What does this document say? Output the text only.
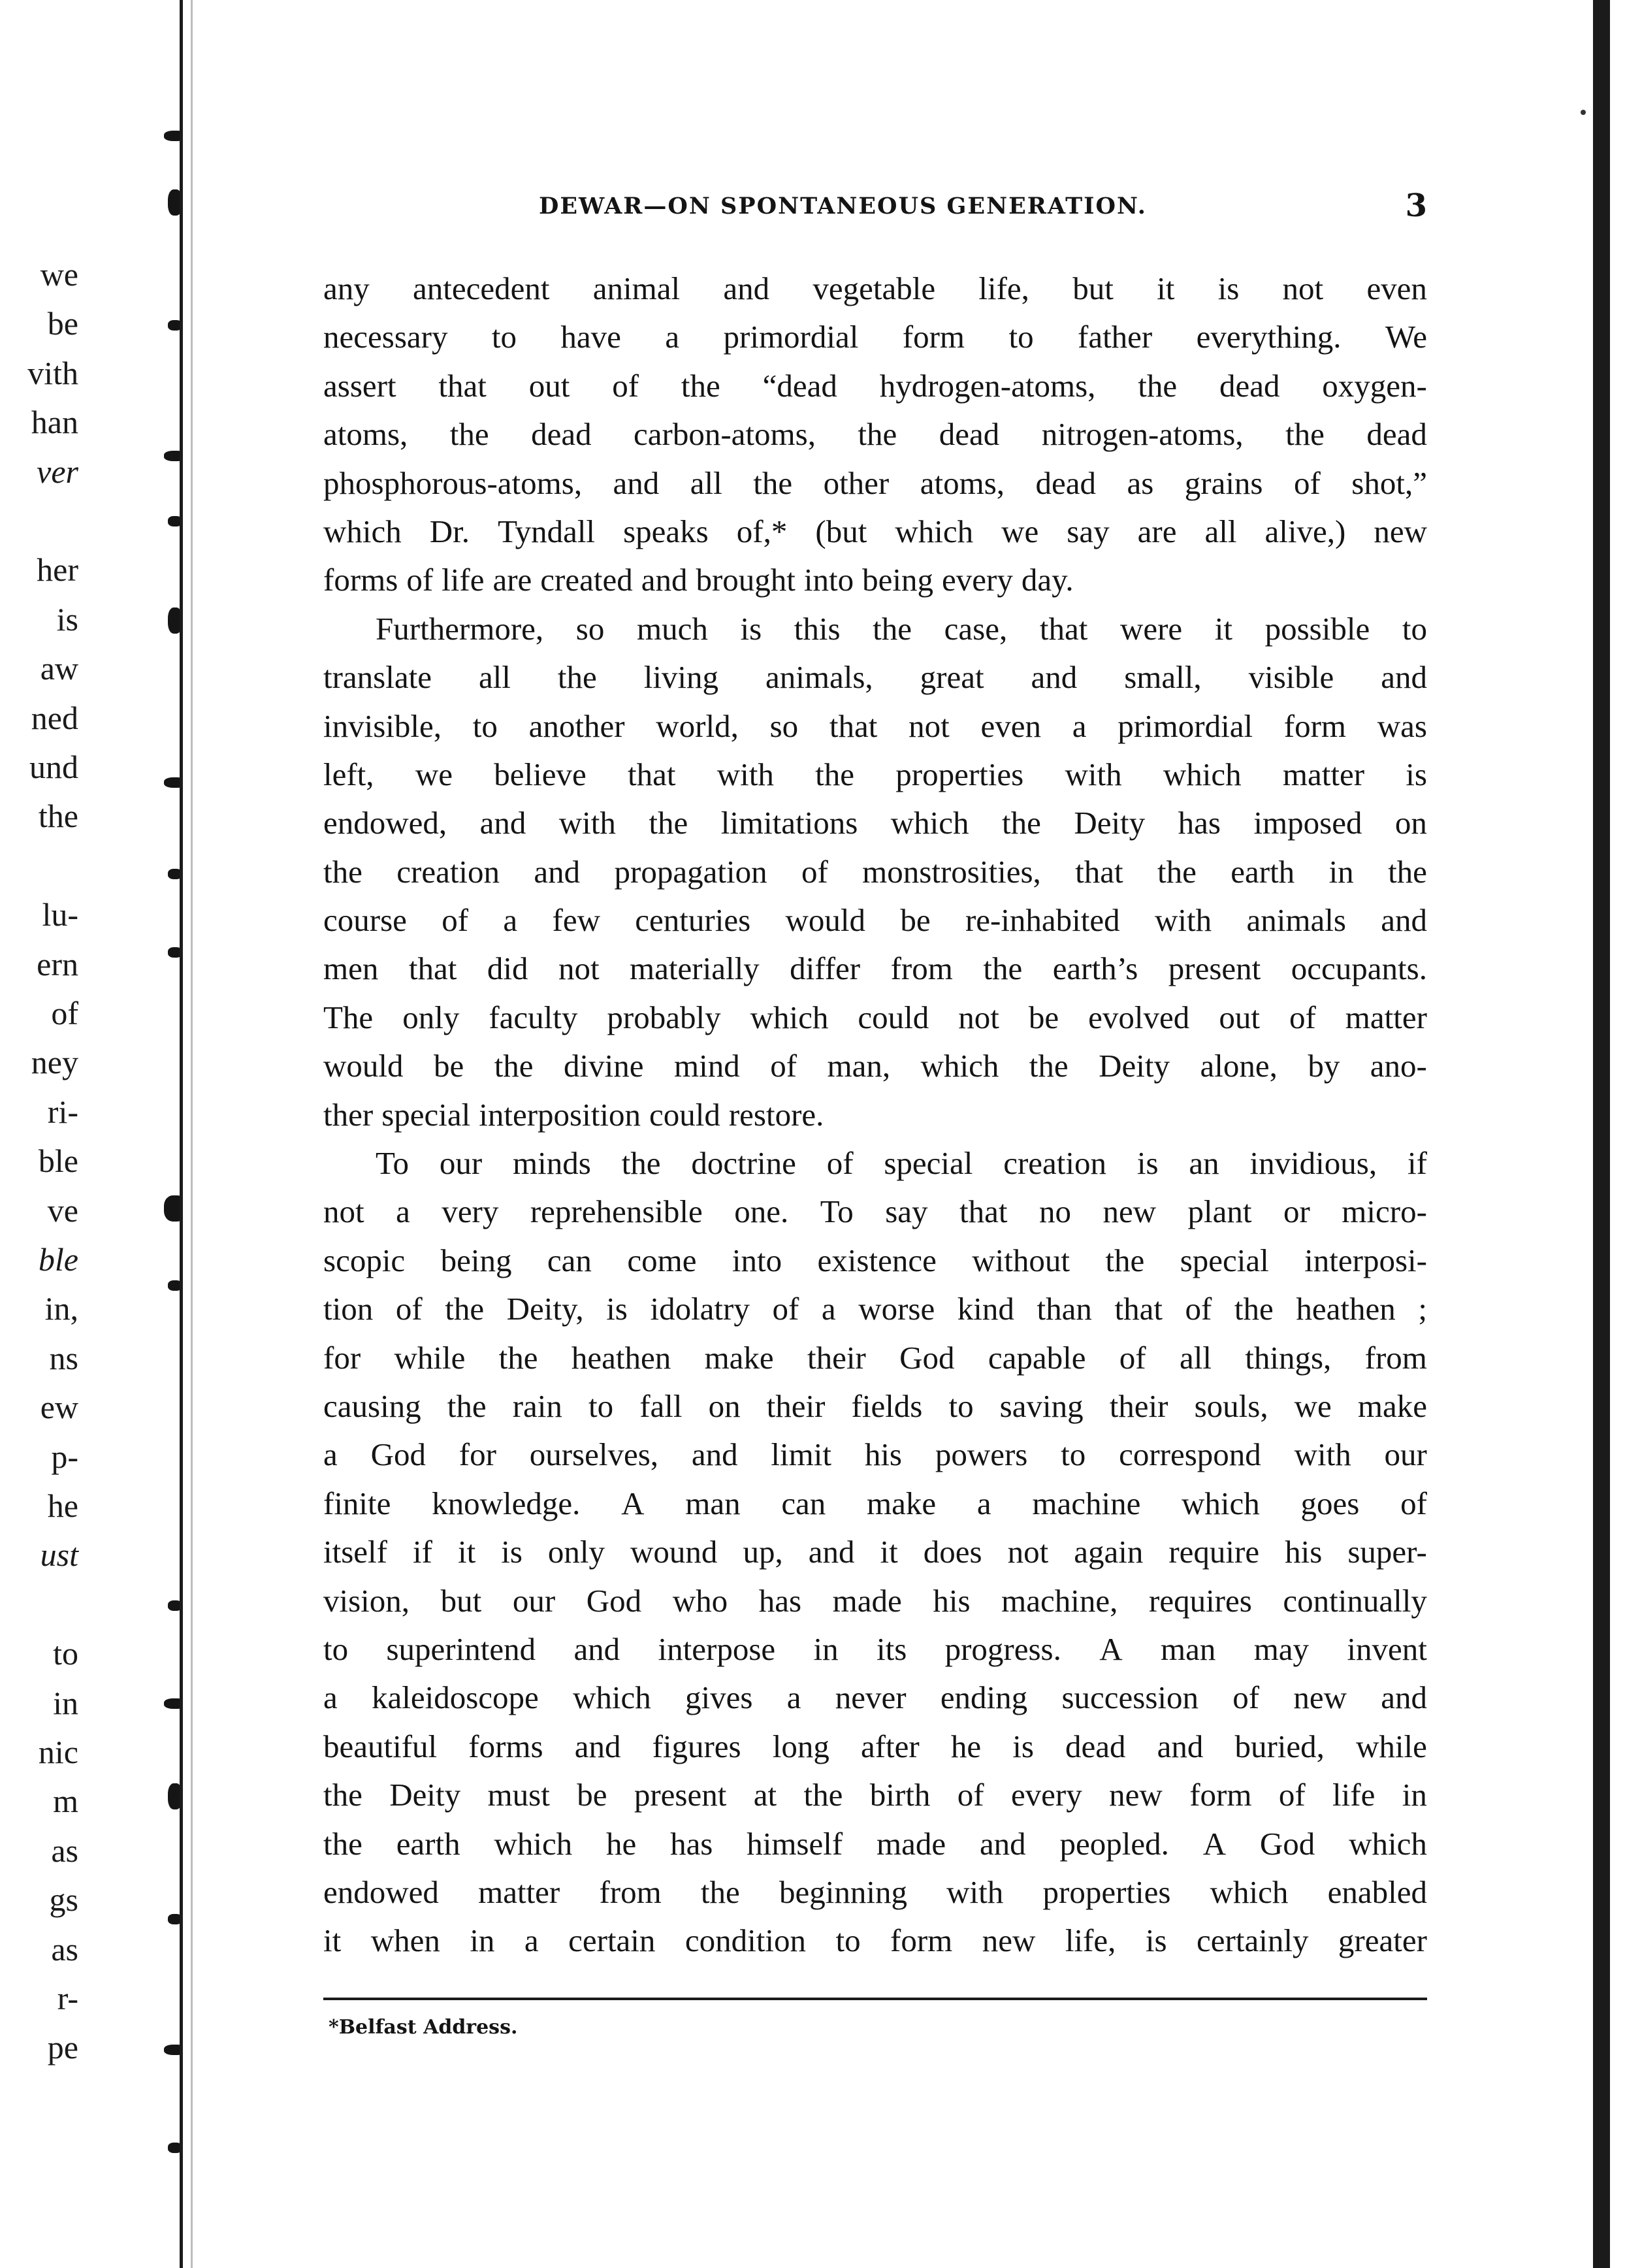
we
be
vith
han
ver
her
is
aw
ned
und
the
lu-
ern
of
ney
ri-
ble
ve
ble
in,
ns
ew
p-
he
ust
to
in
nic
m
as
gs
as
r-
pe
DEWAR—ON SPONTANEOUS GENERATION.	3
any antecedent animal and vegetable life, but it is not even
necessary to have a primordial form to father everything. We
assert that out of the “dead hydrogen-atoms, the dead oxygen-
atoms, the dead carbon-atoms, the dead nitrogen-atoms, the dead
phosphorous-atoms, and all the other atoms, dead as grains of shot,”
which Dr. Tyndall speaks of,* (but which we say are all alive,) new
forms of life are created and brought into being every day.
Furthermore, so much is this the case, that were it possible to
translate all the living animals, great and small, visible and
invisible, to another world, so that not even a primordial form was
left, we believe that with the properties with which matter is
endowed, and with the limitations which the Deity has imposed on
the creation and propagation of monstrosities, that the earth in the
course of a few centuries would be re-inhabited with animals and
men that did not materially differ from the earth’s present occupants.
The only faculty probably which could not be evolved out of matter
would be the divine mind of man, which the Deity alone, by ano-
ther special interposition could restore.
To our minds the doctrine of special creation is an invidious, if
not a very reprehensible one. To say that no new plant or micro-
scopic being can come into existence without the special interposi-
tion of the Deity, is idolatry of a worse kind than that of the heathen ;
for while the heathen make their God capable of all things, from
causing the rain to fall on their fields to saving their souls, we make
a God for ourselves, and limit his powers to correspond with our
finite knowledge. A man can make a machine which goes of
itself if it is only wound up, and it does not again require his super-
vision, but our God who has made his machine, requires continually
to superintend and interpose in its progress. A man may invent
a kaleidoscope which gives a never ending succession of new and
beautiful forms and figures long after he is dead and buried, while
the Deity must be present at the birth of every new form of life in
the earth which he has himself made and peopled. A God which
endowed matter from the beginning with properties which enabled
it when in a certain condition to form new life, is certainly greater
*Belfast Address.
